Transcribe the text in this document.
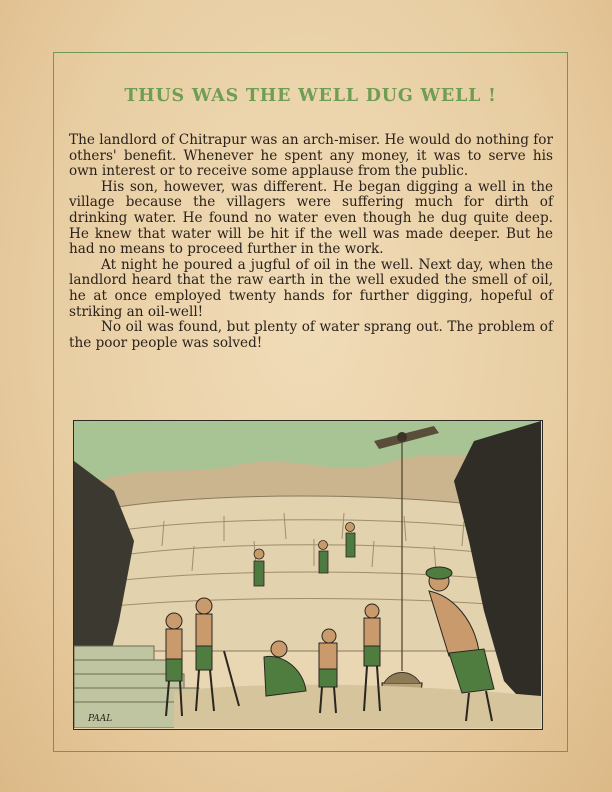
THUS WAS THE WELL DUG WELL !

The landlord of Chitrapur was an arch-miser. He would do nothing for others' benefit. Whenever he spent any money, it was to serve his own interest or to receive some applause from the public.

His son, however, was different. He began digging a well in the village because the villagers were suffering much for dirth of drinking water. He found no water even though he dug quite deep. He knew that water will be hit if the well was made deeper. But he had no means to proceed further in the work.

At night he poured a jugful of oil in the well. Next day, when the landlord heard that the raw earth in the well exuded the smell of oil, he at once employed twenty hands for further digging, hopeful of striking an oil-well!

No oil was found, but plenty of water sprang out. The problem of the poor people was solved!

PAAL
